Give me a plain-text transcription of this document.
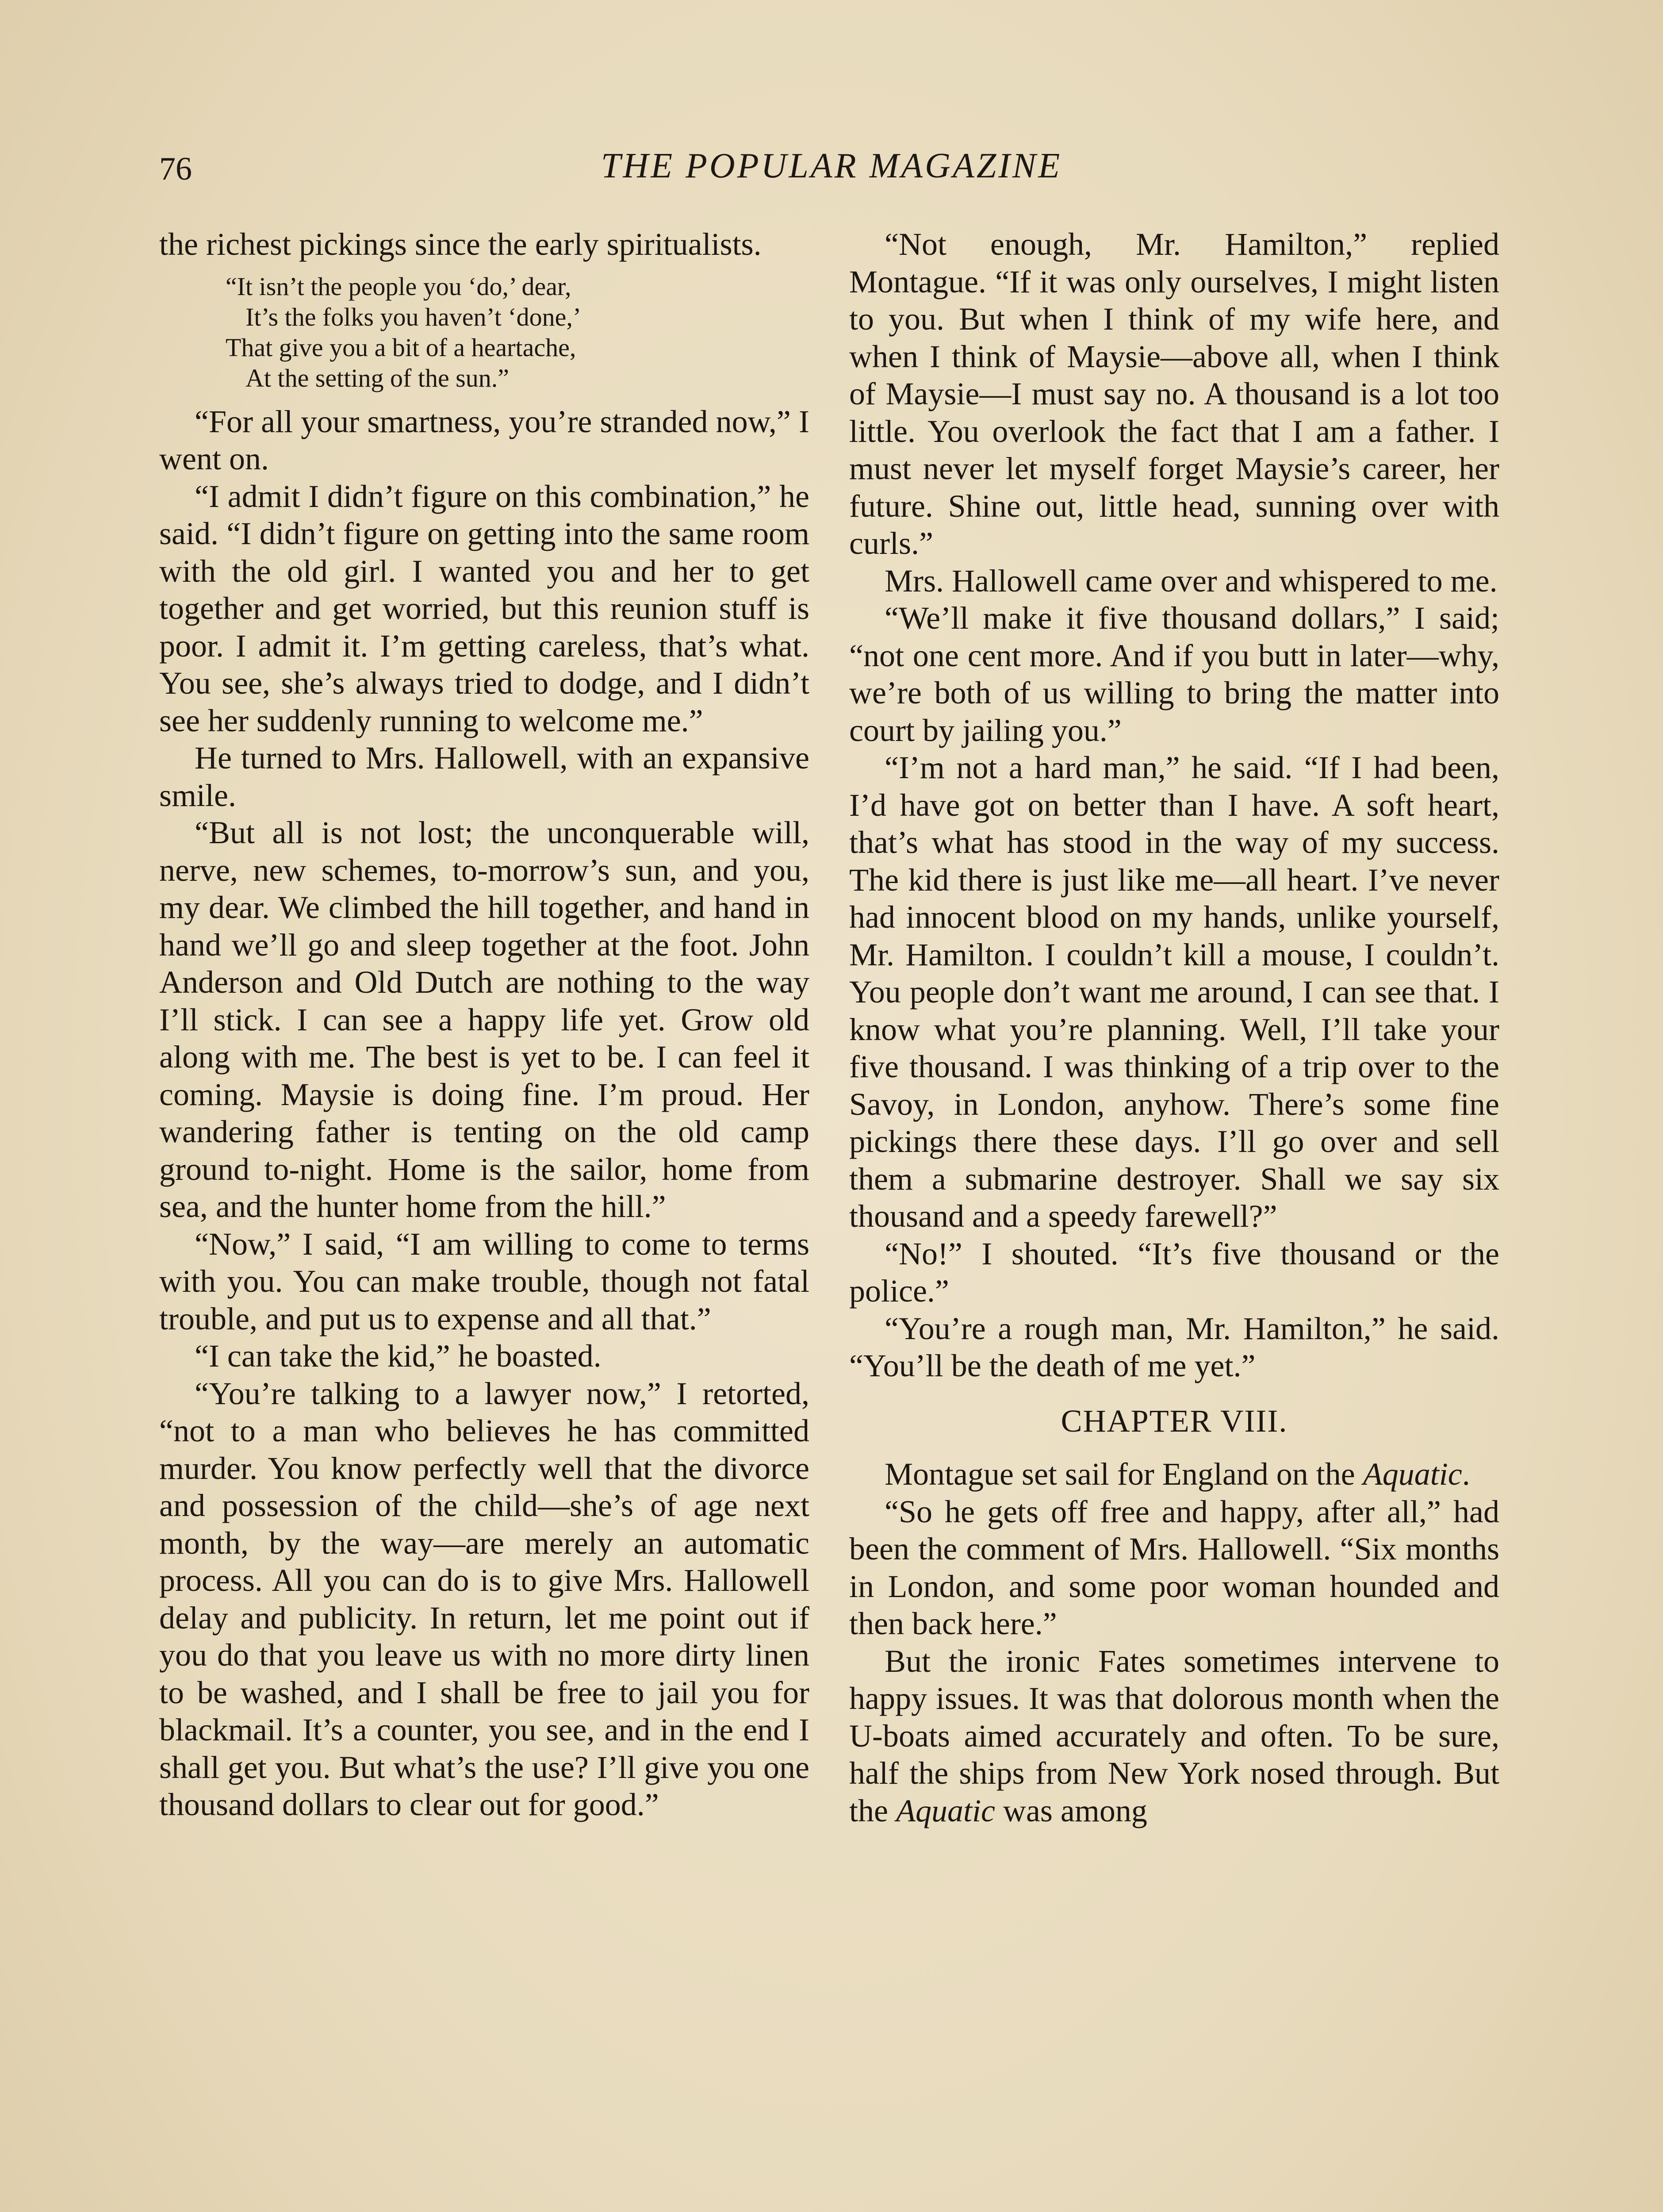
76	THE POPULAR MAGAZINE

the richest pickings since the early spiritualists.

“It isn’t the people you ‘do,’ dear,
It’s the folks you haven’t ‘done,’
That give you a bit of a heartache,
At the setting of the sun.”

“For all your smartness, you’re stranded now,” I went on.

“I admit I didn’t figure on this combination,” he said. “I didn’t figure on getting into the same room with the old girl. I wanted you and her to get together and get worried, but this reunion stuff is poor. I admit it. I’m getting careless, that’s what. You see, she’s always tried to dodge, and I didn’t see her suddenly running to welcome me.”

He turned to Mrs. Hallowell, with an expansive smile.

“But all is not lost; the unconquerable will, nerve, new schemes, to-morrow’s sun, and you, my dear. We climbed the hill together, and hand in hand we’ll go and sleep together at the foot. John Anderson and Old Dutch are nothing to the way I’ll stick. I can see a happy life yet. Grow old along with me. The best is yet to be. I can feel it coming. Maysie is doing fine. I’m proud. Her wandering father is tenting on the old camp ground to-night. Home is the sailor, home from sea, and the hunter home from the hill.”

“Now,” I said, “I am willing to come to terms with you. You can make trouble, though not fatal trouble, and put us to expense and all that.”

“I can take the kid,” he boasted.

“You’re talking to a lawyer now,” I retorted, “not to a man who believes he has committed murder. You know perfectly well that the divorce and possession of the child—she’s of age next month, by the way—are merely an automatic process. All you can do is to give Mrs. Hallowell delay and publicity. In return, let me point out if you do that you leave us with no more dirty linen to be washed, and I shall be free to jail you for blackmail. It’s a counter, you see, and in the end I shall get you. But what’s the use? I’ll give you one thousand dollars to clear out for good.”

“Not enough, Mr. Hamilton,” replied Montague. “If it was only ourselves, I might listen to you. But when I think of my wife here, and when I think of Maysie—above all, when I think of Maysie—I must say no. A thousand is a lot too little. You overlook the fact that I am a father. I must never let myself forget Maysie’s career, her future. Shine out, little head, sunning over with curls.”

Mrs. Hallowell came over and whispered to me.

“We’ll make it five thousand dollars,” I said; “not one cent more. And if you butt in later—why, we’re both of us willing to bring the matter into court by jailing you.”

“I’m not a hard man,” he said. “If I had been, I’d have got on better than I have. A soft heart, that’s what has stood in the way of my success. The kid there is just like me—all heart. I’ve never had innocent blood on my hands, unlike yourself, Mr. Hamilton. I couldn’t kill a mouse, I couldn’t. You people don’t want me around, I can see that. I know what you’re planning. Well, I’ll take your five thousand. I was thinking of a trip over to the Savoy, in London, anyhow. There’s some fine pickings there these days. I’ll go over and sell them a submarine destroyer. Shall we say six thousand and a speedy farewell?”

“No!” I shouted. “It’s five thousand or the police.”

“You’re a rough man, Mr. Hamilton,” he said. “You’ll be the death of me yet.”

CHAPTER VIII.

Montague set sail for England on the Aquatic.

“So he gets off free and happy, after all,” had been the comment of Mrs. Hallowell. “Six months in London, and some poor woman hounded and then back here.”

But the ironic Fates sometimes intervene to happy issues. It was that dolorous month when the U-boats aimed accurately and often. To be sure, half the ships from New York nosed through. But the Aquatic was among
